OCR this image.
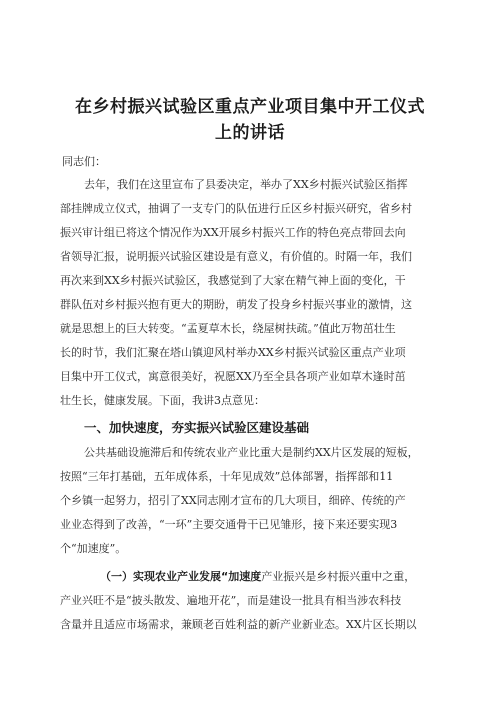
在乡村振兴试验区重点产业项目集中开工仪式
上的讲话

同志们：

去年，我们在这里宣布了县委决定，举办了XX乡村振兴试验区指挥

部挂牌成立仪式，抽调了一支专门的队伍进行丘区乡村振兴研究，省乡村

振兴审计组已将这个情况作为XX开展乡村振兴工作的特色亮点带回去向

省领导汇报，说明振兴试验区建设是有意义，有价值的。时隔一年，我们

再次来到XX乡村振兴试验区，我感觉到了大家在精气神上面的变化，干

群队伍对乡村振兴抱有更大的期盼，萌发了投身乡村振兴事业的激情，这

就是思想上的巨大转变。“孟夏草木长，绕屋树扶疏。”值此万物茁壮生

长的时节，我们汇聚在塔山镇迎风村举办XX乡村振兴试验区重点产业项

目集中开工仪式，寓意很美好，祝愿XX乃至全县各项产业如草木逢时茁

壮生长，健康发展。下面，我讲3点意见：

一、加快速度，夯实振兴试验区建设基础

公共基础设施滞后和传统农业产业比重大是制约XX片区发展的短板，

按照“三年打基础，五年成体系，十年见成效”总体部署，指挥部和11

个乡镇一起努力，招引了XX同志刚才宣布的几大项目，细碎、传统的产

业业态得到了改善，“一环”主要交通骨干已见雏形，接下来还要实现3

个“加速度”。

（一）实现农业产业发展“加速度产业振兴是乡村振兴重中之重，

产业兴旺不是“披头散发、遍地开花”，而是建设一批具有相当涉农科技

含量并且适应市场需求，兼顾老百姓利益的新产业新业态。XX片区长期以
